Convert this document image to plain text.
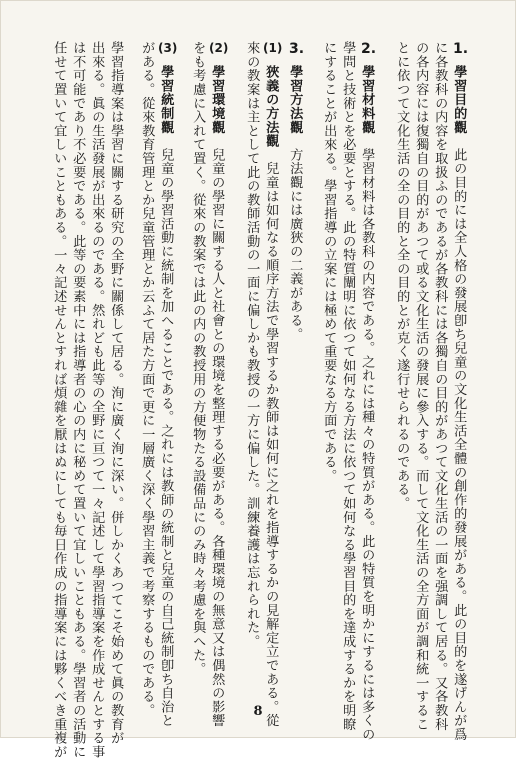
1.
學習目的觀　此の目的には全人格の發展卽ち兒童の文化生活全體の創作的發展がある。此の目的を遂げんが爲
に各教科の内容を取扱ふのであるが各教科には各獨自の目的があつて文化生活の一面を强調して居る。又各教科
の各内容には復獨自の目的があつて或る文化生活の發展に參入する。而して文化生活の全方面が調和統一するこ
とに依つて文化生活の全の目的と全の目的とが克く遂行せられるのである。
2.
學習材料觀　學習材料は各教科の内容である。之れには種々の特質がある。此の特質を明かにするには多くの
學問と技術とを必要とする。此の特質闡明に依つて如何なる方法に依つて如何なる學習目的を達成するかを明瞭
にすることが出來る。學習指導の立案には極めて重要なる方面である。
3.
學習方法觀　方法觀には廣狹の二義がある。
(1)
狹義の方法觀　兒童は如何なる順序方法で學習するか教師は如何に之れを指導するかの見解定立である。從
來の教案は主として此の教師活動の一面に偏しかも教授の一方に偏した。訓練養護は忘れられた。
(2)
學習環境觀　兒童の學習に關する人と社會との環境を整理する必要がある。各種環境の無意又は偶然の影響
をも考慮に入れて置く。從來の教案では此の内の教授用の方便物たる設備品にのみ時々考慮を與へた。
(3)
學習統制觀　兒童の學習活動に統制を加へることである。之れには教師の統制と兒童の自己統制卽ち自治と
がある。從來教育管理とか兒童管理とか云ふて居た方面で更に一層廣く深く學習主義で考察するものである。
學習指導案は學習に關する研究の全野に關係して居る。洵に廣く洵に深い。併しかくあつてこそ始めて眞の教育が
出來る。眞の生活發展が出來るのである。然れども此等の全野に亘つて一々記述して學習指導案を作成せんとする事
は不可能であり不必要である。此等の要素中には指導者の心の内に秘めて置いて宜しいこともある。學習者の活動に
任せて置いて宜しいこともある。一々記述せんとすれば煩雜を厭はぬにしても毎日作成の指導案には夥くべき重複が	8
